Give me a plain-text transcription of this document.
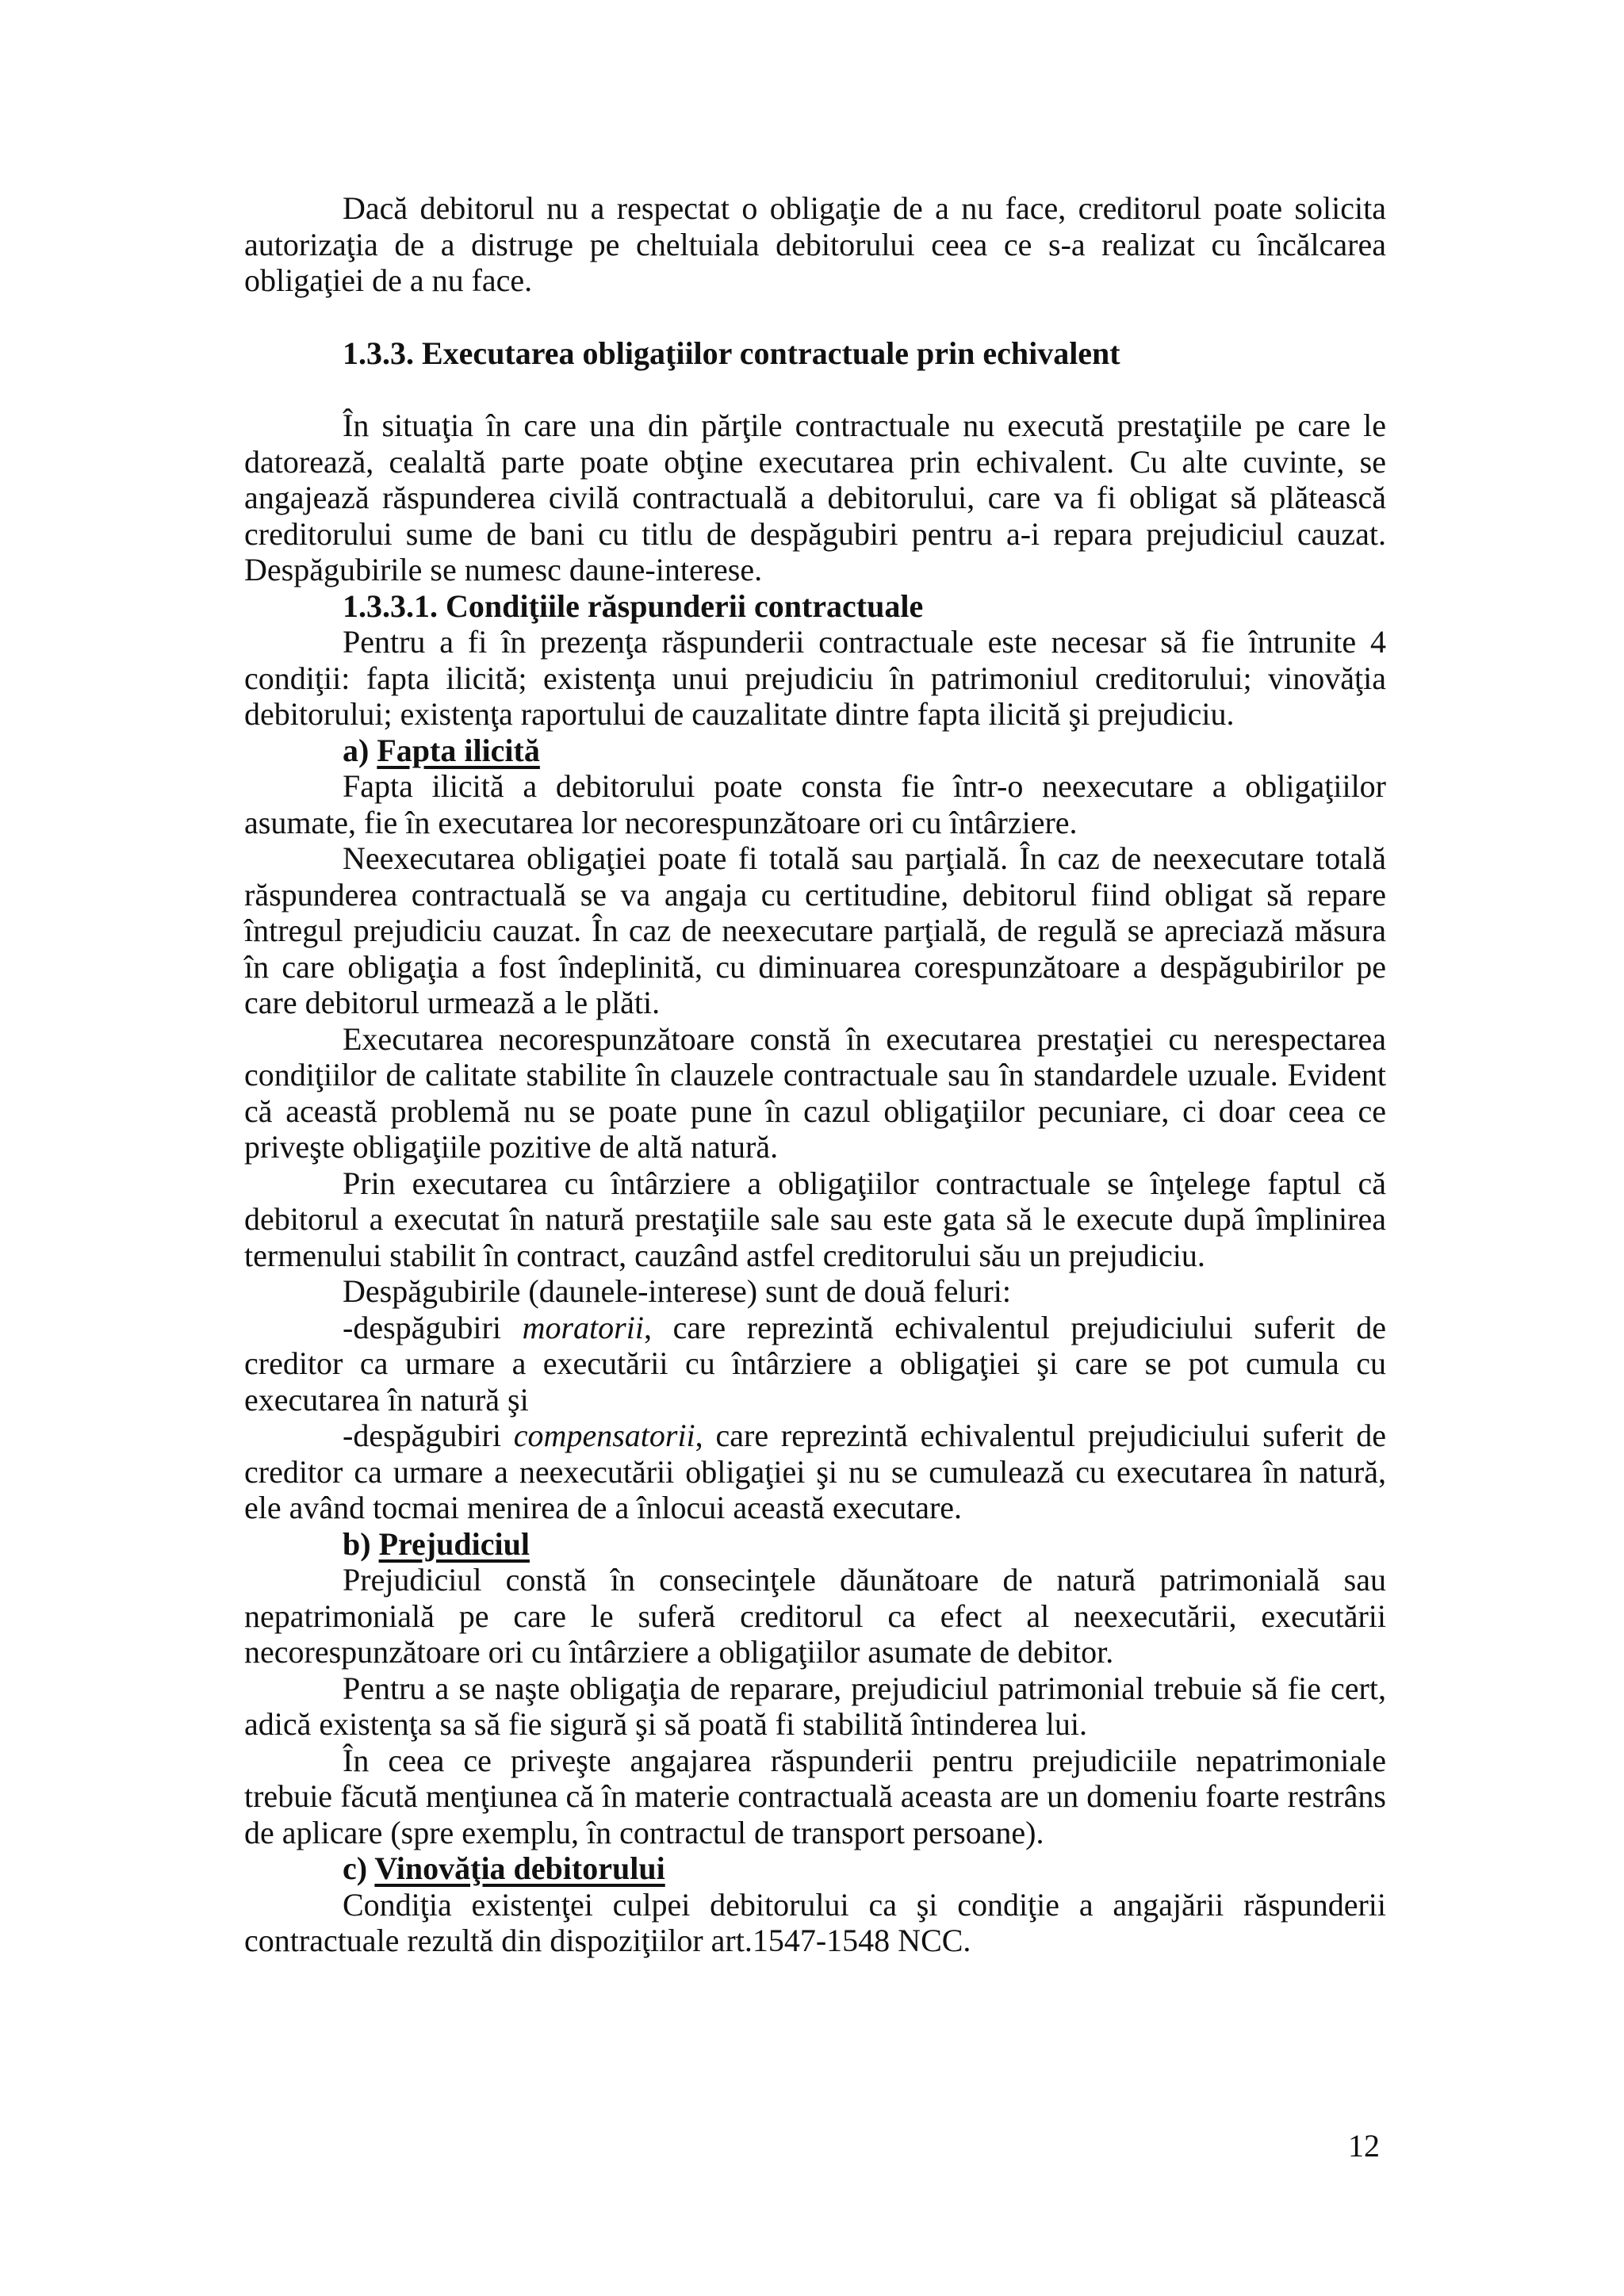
Dacă debitorul nu a respectat o obligaţie de a nu face, creditorul poate solicita autorizaţia de a distruge pe cheltuiala debitorului ceea ce s-a realizat cu încălcarea obligaţiei de a nu face.

1.3.3. Executarea obligaţiilor contractuale prin echivalent

În situaţia în care una din părţile contractuale nu execută prestaţiile pe care le datorează, cealaltă parte poate obţine executarea prin echivalent. Cu alte cuvinte, se angajează răspunderea civilă contractuală a debitorului, care va fi obligat să plătească creditorului sume de bani cu titlu de despăgubiri pentru a-i repara prejudiciul cauzat. Despăgubirile se numesc daune-interese.

1.3.3.1. Condiţiile răspunderii contractuale

Pentru a fi în prezenţa răspunderii contractuale este necesar să fie întrunite 4 condiţii: fapta ilicită; existenţa unui prejudiciu în patrimoniul creditorului; vinovăţia debitorului; existenţa raportului de cauzalitate dintre fapta ilicită şi prejudiciu.

a) Fapta ilicită

Fapta ilicită a debitorului poate consta fie într-o neexecutare a obligaţiilor asumate, fie în executarea lor necorespunzătoare ori cu întârziere.

Neexecutarea obligaţiei poate fi totală sau parţială. În caz de neexecutare totală răspunderea contractuală se va angaja cu certitudine, debitorul fiind obligat să repare întregul prejudiciu cauzat. În caz de neexecutare parţială, de regulă se apreciază măsura în care obligaţia a fost îndeplinită, cu diminuarea corespunzătoare a despăgubirilor pe care debitorul urmează a le plăti.

Executarea necorespunzătoare constă în executarea prestaţiei cu nerespectarea condiţiilor de calitate stabilite în clauzele contractuale sau în standardele uzuale. Evident că această problemă nu se poate pune în cazul obligaţiilor pecuniare, ci doar ceea ce priveşte obligaţiile pozitive de altă natură.

Prin executarea cu întârziere a obligaţiilor contractuale se înţelege faptul că debitorul a executat în natură prestaţiile sale sau este gata să le execute după împlinirea termenului stabilit în contract, cauzând astfel creditorului său un prejudiciu.

Despăgubirile (daunele-interese) sunt de două feluri:

-despăgubiri moratorii, care reprezintă echivalentul prejudiciului suferit de creditor ca urmare a executării cu întârziere a obligaţiei şi care se pot cumula cu executarea în natură şi

-despăgubiri compensatorii, care reprezintă echivalentul prejudiciului suferit de creditor ca urmare a neexecutării obligaţiei şi nu se cumulează cu executarea în natură, ele având tocmai menirea de a înlocui această executare.

b) Prejudiciul

Prejudiciul constă în consecinţele dăunătoare de natură patrimonială sau nepatrimonială pe care le suferă creditorul ca efect al neexecutării, executării necorespunzătoare ori cu întârziere a obligaţiilor asumate de debitor.

Pentru a se naşte obligaţia de reparare, prejudiciul patrimonial trebuie să fie cert, adică existenţa sa să fie sigură şi să poată fi stabilită întinderea lui.

În ceea ce priveşte angajarea răspunderii pentru prejudiciile nepatrimoniale trebuie făcută menţiunea că în materie contractuală aceasta are un domeniu foarte restrâns de aplicare (spre exemplu, în contractul de transport persoane).

c) Vinovăţia debitorului

Condiţia existenţei culpei debitorului ca şi condiţie a angajării răspunderii contractuale rezultă din dispoziţiilor art.1547-1548 NCC.

12
